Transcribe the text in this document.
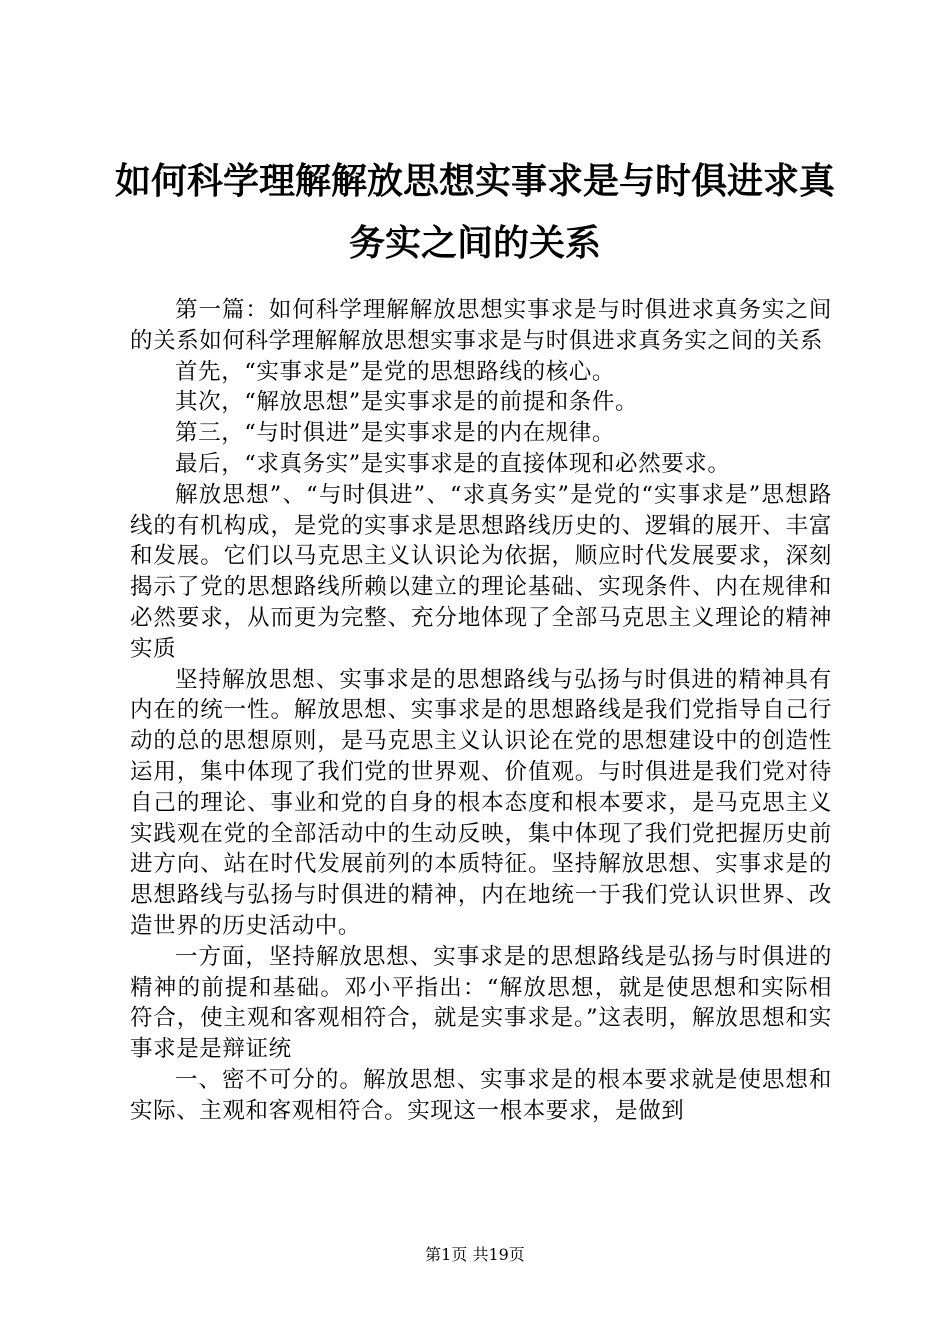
如何科学理解解放思想实事求是与时俱进求真
务实之间的关系

第一篇：如何科学理解解放思想实事求是与时俱进求真务实之间的关系如何科学理解解放思想实事求是与时俱进求真务实之间的关系

首先，“实事求是”是党的思想路线的核心。

其次，“解放思想”是实事求是的前提和条件。

第三，“与时俱进”是实事求是的内在规律。

最后，“求真务实”是实事求是的直接体现和必然要求。

解放思想”、“与时俱进”、“求真务实”是党的“实事求是”思想路线的有机构成，是党的实事求是思想路线历史的、逻辑的展开、丰富和发展。它们以马克思主义认识论为依据，顺应时代发展要求，深刻揭示了党的思想路线所赖以建立的理论基础、实现条件、内在规律和必然要求，从而更为完整、充分地体现了全部马克思主义理论的精神实质

坚持解放思想、实事求是的思想路线与弘扬与时俱进的精神具有内在的统一性。解放思想、实事求是的思想路线是我们党指导自己行动的总的思想原则，是马克思主义认识论在党的思想建设中的创造性运用，集中体现了我们党的世界观、价值观。与时俱进是我们党对待自己的理论、事业和党的自身的根本态度和根本要求，是马克思主义实践观在党的全部活动中的生动反映，集中体现了我们党把握历史前进方向、站在时代发展前列的本质特征。坚持解放思想、实事求是的思想路线与弘扬与时俱进的精神，内在地统一于我们党认识世界、改造世界的历史活动中。

一方面，坚持解放思想、实事求是的思想路线是弘扬与时俱进的精神的前提和基础。邓小平指出：“解放思想，就是使思想和实际相符合，使主观和客观相符合，就是实事求是。”这表明，解放思想和实事求是是辩证统

一、密不可分的。解放思想、实事求是的根本要求就是使思想和实际、主观和客观相符合。实现这一根本要求，是做到

第1页 共19页
